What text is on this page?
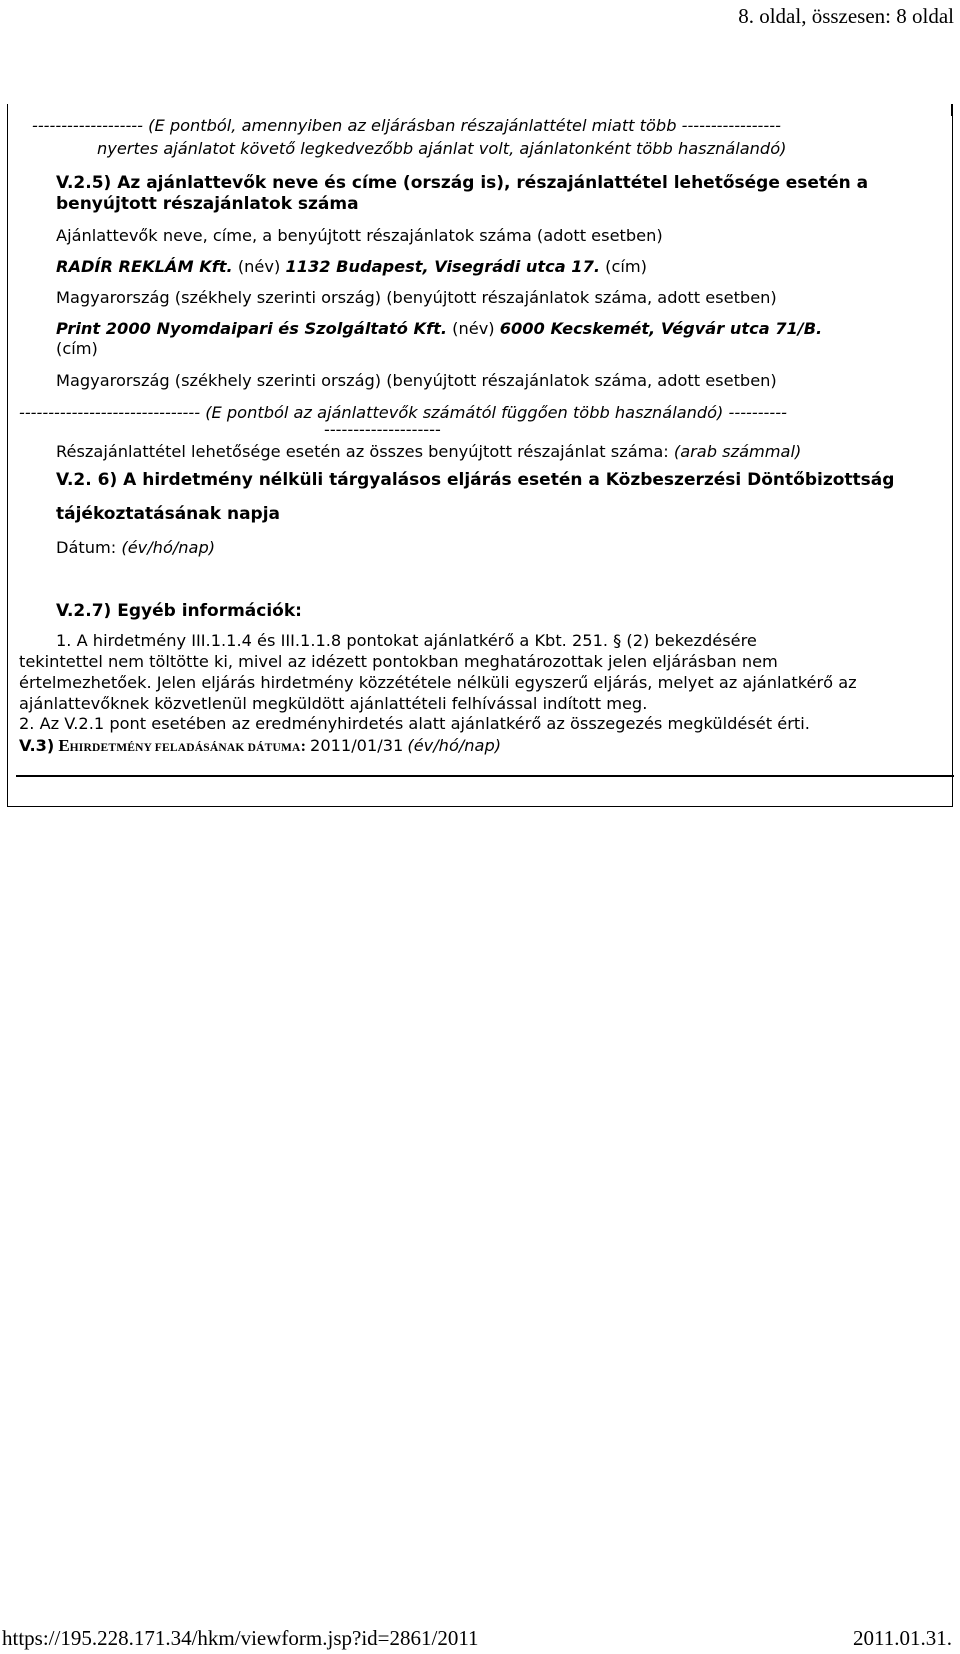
8. oldal, összesen: 8 oldal
------------------- (E pontból, amennyiben az eljárásban részajánlattétel miatt több -----------------
nyertes ajánlatot követő legkedvezőbb ajánlat volt, ajánlatonként több használandó)
V.2.5) Az ajánlattevők neve és címe (ország is), részajánlattétel lehetősége esetén a
benyújtott részajánlatok száma
Ajánlattevők neve, címe, a benyújtott részajánlatok száma (adott esetben)
RADÍR REKLÁM Kft. (név) 1132 Budapest, Visegrádi utca 17. (cím)
Magyarország (székhely szerinti ország) (benyújtott részajánlatok száma, adott esetben)
Print 2000 Nyomdaipari és Szolgáltató Kft. (név) 6000 Kecskemét, Végvár utca 71/B.
(cím)
Magyarország (székhely szerinti ország) (benyújtott részajánlatok száma, adott esetben)
------------------------------- (E pontból az ajánlattevők számától függően több használandó) ----------
--------------------
Részajánlattétel lehetősége esetén az összes benyújtott részajánlat száma: (arab számmal)
V.2. 6) A hirdetmény nélküli tárgyalásos eljárás esetén a Közbeszerzési Döntőbizottság
tájékoztatásának napja
Dátum: (év/hó/nap)
V.2.7) Egyéb információk:
1. A hirdetmény III.1.1.4 és III.1.1.8 pontokat ajánlatkérő a Kbt. 251. § (2) bekezdésére
tekintettel nem töltötte ki, mivel az idézett pontokban meghatározottak jelen eljárásban nem
értelmezhetőek. Jelen eljárás hirdetmény közzététele nélküli egyszerű eljárás, melyet az ajánlatkérő az
ajánlattevőknek közvetlenül megküldött ajánlattételi felhívással indított meg.
2. Az V.2.1 pont esetében az eredményhirdetés alatt ajánlatkérő az összegezés megküldését érti.
V.3) EHIRDETMÉNY FELADÁSÁNAK DÁTUMA: 2011/01/31 (év/hó/nap)
https://195.228.171.34/hkm/viewform.jsp?id=2861/2011	2011.01.31.
